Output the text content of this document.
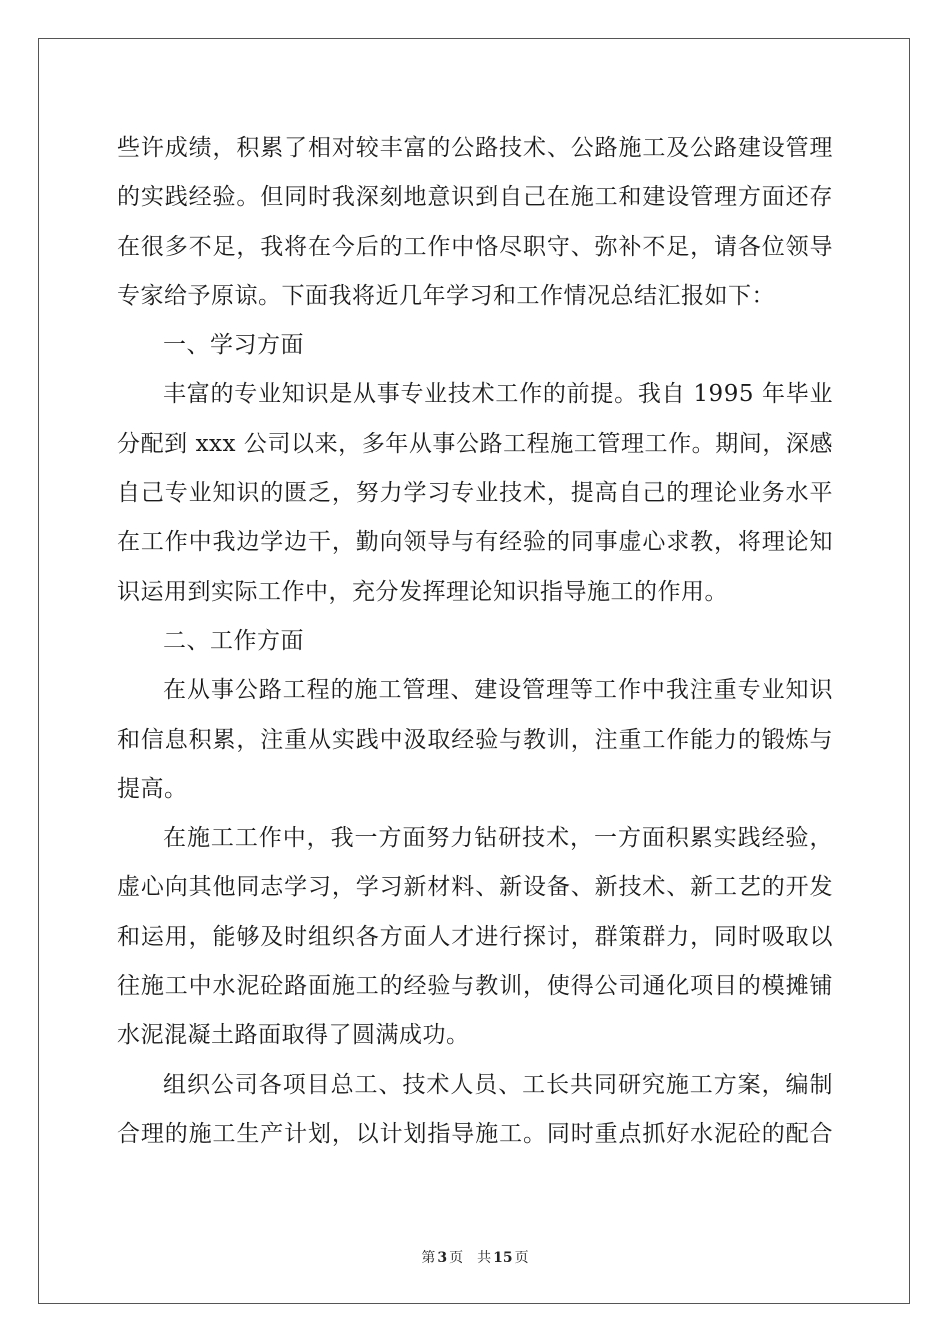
些许成绩，积累了相对较丰富的公路技术、公路施工及公路建设管理
的实践经验。但同时我深刻地意识到自己在施工和建设管理方面还存
在很多不足，我将在今后的工作中恪尽职守、弥补不足，请各位领导
专家给予原谅。下面我将近几年学习和工作情况总结汇报如下：
一、学习方面
丰富的专业知识是从事专业技术工作的前提。我自 1995 年毕业
分配到 xxx 公司以来，多年从事公路工程施工管理工作。期间，深感
自己专业知识的匮乏，努力学习专业技术，提高自己的理论业务水平
在工作中我边学边干，勤向领导与有经验的同事虚心求教，将理论知
识运用到实际工作中，充分发挥理论知识指导施工的作用。
二、工作方面
在从事公路工程的施工管理、建设管理等工作中我注重专业知识
和信息积累，注重从实践中汲取经验与教训，注重工作能力的锻炼与
提高。
在施工工作中，我一方面努力钻研技术，一方面积累实践经验，
虚心向其他同志学习，学习新材料、新设备、新技术、新工艺的开发
和运用，能够及时组织各方面人才进行探讨，群策群力，同时吸取以
往施工中水泥砼路面施工的经验与教训，使得公司通化项目的模摊铺
水泥混凝土路面取得了圆满成功。
组织公司各项目总工、技术人员、工长共同研究施工方案，编制
合理的施工生产计划，以计划指导施工。同时重点抓好水泥砼的配合
第 3 页 共 15 页
